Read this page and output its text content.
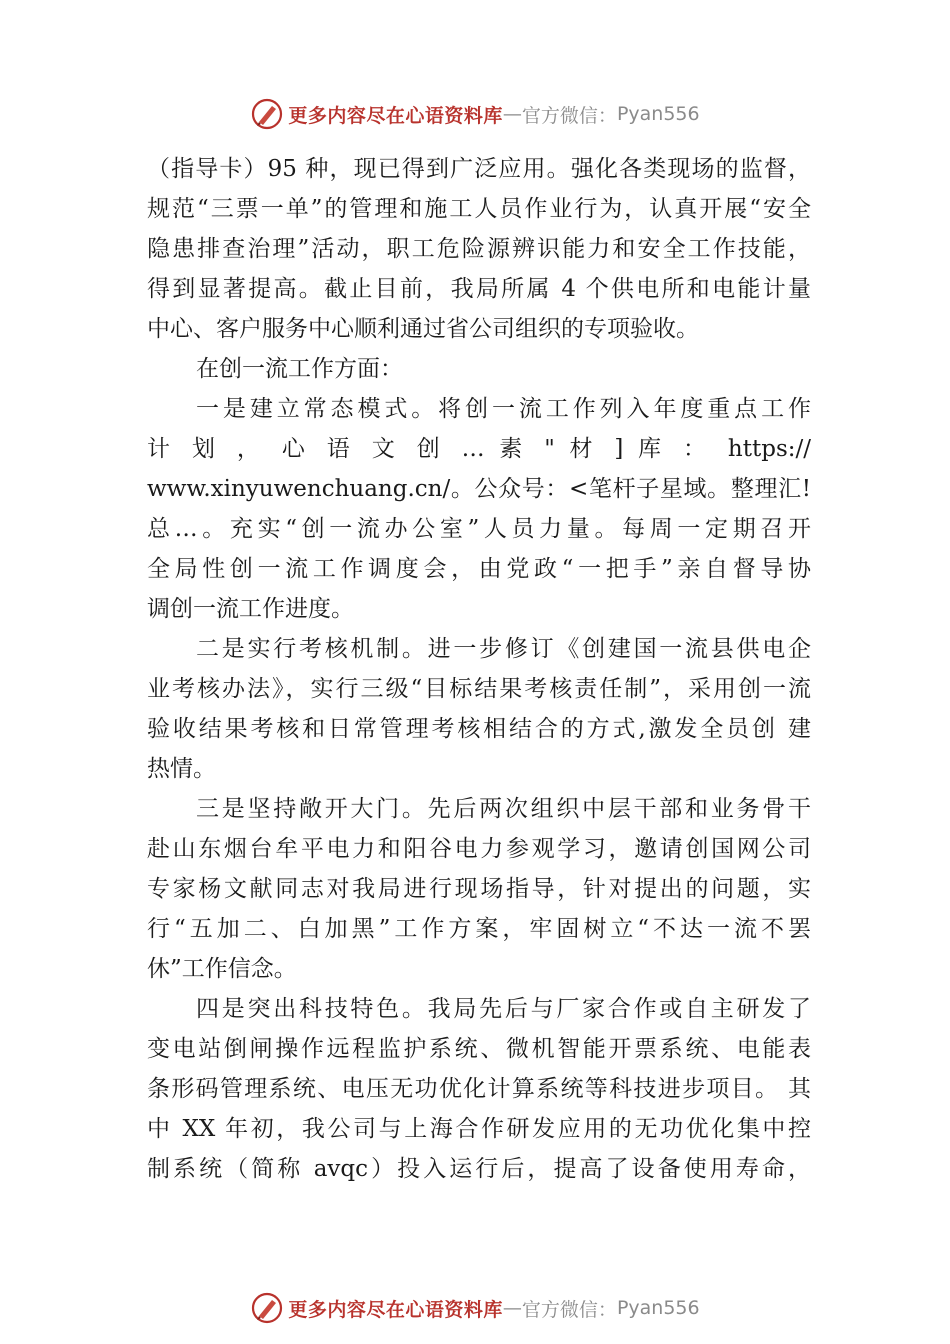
更多内容尽在心语资料库 — 官方微信： Pyan556
（指导卡）95 种，现已得到广泛应用。强化各类现场的监督，
规范“三票一单”的管理和施工人员作业行为，认真开展“安全
隐患排查治理”活动，职工危险源辨识能力和安全工作技能，
得到显著提高。截止目前，我局所属 4 个供电所和电能计量
中心、客户服务中心顺利通过省公司组织的专项验收。
在创一流工作方面：
一是建立常态模式。将创一流工作列入年度重点工作
计 划 ， 心 语 文 创 … 素 " 材 ] 库 ： https://
www.xinyuwenchuang.cn/。公众号：<笔杆子星域。整理汇!
总…。充实“创一流办公室”人员力量。每周一定期召开
全局性创一流工作调度会，由党政“一把手”亲自督导协
调创一流工作进度。
二是实行考核机制。进一步修订《创建国一流县供电企
业考核办法》，实行三级“目标结果考核责任制”，采用创一流
验收结果考核和日常管理考核相结合的方式,激发全员创 建
热情。
三是坚持敞开大门。先后两次组织中层干部和业务骨干
赴山东烟台牟平电力和阳谷电力参观学习，邀请创国网公司
专家杨文献同志对我局进行现场指导，针对提出的问题，实
行“五加二、白加黑”工作方案，牢固树立“不达一流不罢
休”工作信念。
四是突出科技特色。我局先后与厂家合作或自主研发了
变电站倒闸操作远程监护系统、微机智能开票系统、电能表
条形码管理系统、电压无功优化计算系统等科技进步项目。 其
中 XX 年初，我公司与上海合作研发应用的无功优化集中控
制系统（简称 avqc）投入运行后，提高了设备使用寿命，
更多内容尽在心语资料库 — 官方微信： Pyan556
